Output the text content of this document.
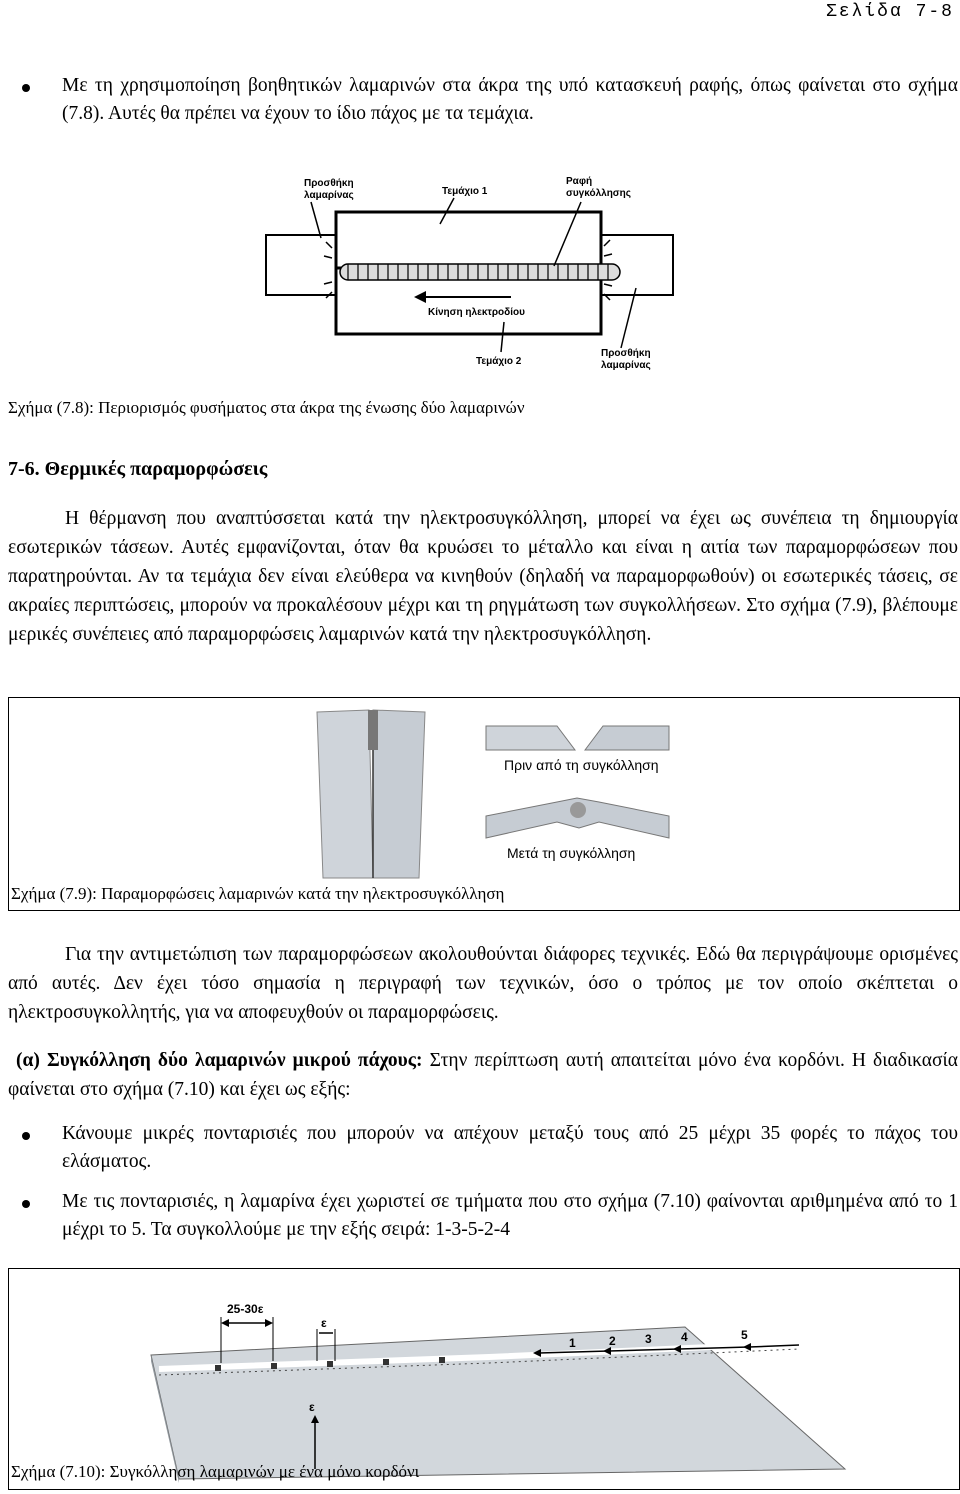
Σελίδα 7-8
Με τη χρησιμοποίηση βοηθητικών λαμαρινών στα άκρα της υπό κατασκευή ραφής, όπως φαίνεται στο σχήμα (7.8). Αυτές θα πρέπει να έχουν το ίδιο πάχος με τα τεμάχια.
Προσθήκη
λαμαρίνας	Τεμάχιο 1
Ραφή
συγκόλλησης
Κίνηση ηλεκτροδίου
Τεμάχιο 2
Προσθήκη
λαμαρίνας
Σχήμα (7.8): Περιορισμός φυσήματος στα άκρα της ένωσης δύο λαμαρινών
7-6. Θερμικές παραμορφώσεις
Η θέρμανση που αναπτύσσεται κατά την ηλεκτροσυγκόλληση, μπορεί να έχει ως συνέπεια τη δημιουργία εσωτερικών τάσεων. Αυτές εμφανίζονται, όταν θα κρυώσει το μέταλλο και είναι η αιτία των παραμορφώσεων που παρατηρούνται. Αν τα τεμάχια δεν είναι ελεύθερα να κινηθούν (δηλαδή να παραμορφωθούν) οι εσωτερικές τάσεις, σε ακραίες περιπτώσεις, μπορούν να προκαλέσουν μέχρι και τη ρηγμάτωση των συγκολλήσεων. Στο σχήμα (7.9), βλέπουμε μερικές συνέπειες από παραμορφώσεις λαμαρινών κατά την ηλεκτροσυγκόλληση.
Πριν από τη συγκόλληση
Μετά τη συγκόλληση
Σχήμα (7.9): Παραμορφώσεις λαμαρινών κατά την ηλεκτροσυγκόλληση
Για την αντιμετώπιση των παραμορφώσεων ακολουθούνται διάφορες τεχνικές. Εδώ θα περιγράψουμε ορισμένες από αυτές. Δεν έχει τόσο σημασία η περιγραφή των τεχνικών, όσο ο τρόπος με τον οποίο σκέπτεται ο ηλεκτροσυγκολλητής, για να αποφευχθούν οι παραμορφώσεις.
(α) Συγκόλληση δύο λαμαρινών μικρού πάχους: Στην περίπτωση αυτή απαιτείται μόνο ένα κορδόνι. Η διαδικασία φαίνεται στο σχήμα (7.10) και έχει ως εξής:
Κάνουμε μικρές πονταρισιές που μπορούν να απέχουν μεταξύ τους από 25 μέχρι 35 φορές το πάχος του ελάσματος.
Με τις πονταρισιές, η λαμαρίνα έχει χωριστεί σε τμήματα που στο σχήμα (7.10) φαίνονται αριθμημένα από το 1 μέχρι το 5. Τα συγκολλούμε με την εξής σειρά: 1-3-5-2-4
25-30ε
ε
ε
1	2 3 4	5
Σχήμα (7.10): Συγκόλληση λαμαρινών με ένα μόνο κορδόνι
